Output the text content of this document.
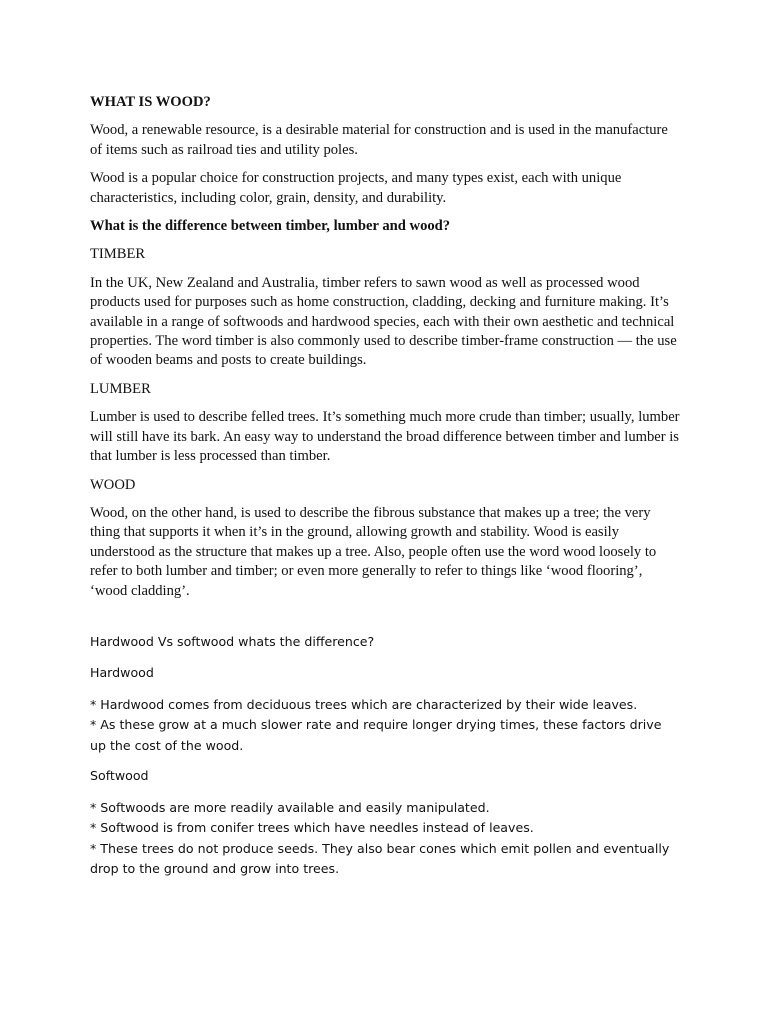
WHAT IS WOOD?

Wood, a renewable resource, is a desirable material for construction and is used in the manufacture of items such as railroad ties and utility poles.

Wood is a popular choice for construction projects, and many types exist, each with unique characteristics, including color, grain, density, and durability.

What is the difference between timber, lumber and wood?

TIMBER

In the UK, New Zealand and Australia, timber refers to sawn wood as well as processed wood products used for purposes such as home construction, cladding, decking and furniture making. It’s available in a range of softwoods and hardwood species, each with their own aesthetic and technical properties. The word timber is also commonly used to describe timber-frame construction — the use of wooden beams and posts to create buildings.

LUMBER

Lumber is used to describe felled trees. It’s something much more crude than timber; usually, lumber will still have its bark. An easy way to understand the broad difference between timber and lumber is that lumber is less processed than timber.

WOOD

Wood, on the other hand, is used to describe the fibrous substance that makes up a tree; the very thing that supports it when it’s in the ground, allowing growth and stability. Wood is easily understood as the structure that makes up a tree. Also, people often use the word wood loosely to refer to both lumber and timber; or even more generally to refer to things like ‘wood flooring’, ‘wood cladding’.

Hardwood Vs softwood whats the difference?

Hardwood

* Hardwood comes from deciduous trees which are characterized by their wide leaves.
* As these grow at a much slower rate and require longer drying times, these factors drive up the cost of the wood.

Softwood

* Softwoods are more readily available and easily manipulated.
* Softwood is from conifer trees which have needles instead of leaves.
* These trees do not produce seeds. They also bear cones which emit pollen and eventually drop to the ground and grow into trees.
